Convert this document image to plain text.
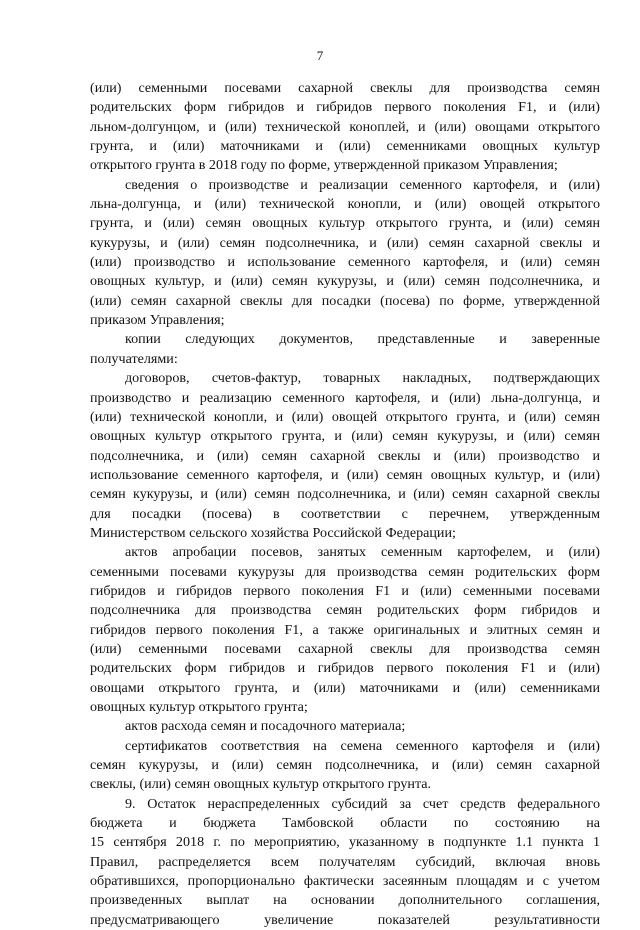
7
(или) семенными посевами сахарной свеклы для производства семян
родительских форм гибридов и гибридов первого поколения F1, и (или)
льном-долгунцом, и (или) технической коноплей, и (или) овощами открытого
грунта, и (или) маточниками и (или) семенниками овощных культур
открытого грунта в 2018 году по форме, утвержденной приказом Управления;
сведения о производстве и реализации семенного картофеля, и (или)
льна-долгунца, и (или) технической конопли, и (или) овощей открытого
грунта, и (или) семян овощных культур открытого грунта, и (или) семян
кукурузы, и (или) семян подсолнечника, и (или) семян сахарной свеклы и
(или) производство и использование семенного картофеля, и (или) семян
овощных культур, и (или) семян кукурузы, и (или) семян подсолнечника, и
(или) семян сахарной свеклы для посадки (посева) по форме, утвержденной
приказом Управления;
копии следующих документов, представленные и заверенные
получателями:
договоров, счетов-фактур, товарных накладных, подтверждающих
производство и реализацию семенного картофеля, и (или) льна-долгунца, и
(или) технической конопли, и (или) овощей открытого грунта, и (или) семян
овощных культур открытого грунта, и (или) семян кукурузы, и (или) семян
подсолнечника, и (или) семян сахарной свеклы и (или) производство и
использование семенного картофеля, и (или) семян овощных культур, и (или)
семян кукурузы, и (или) семян подсолнечника, и (или) семян сахарной свеклы
для посадки (посева) в соответствии с перечнем, утвержденным
Министерством сельского хозяйства Российской Федерации;
актов апробации посевов, занятых семенным картофелем, и (или)
семенными посевами кукурузы для производства семян родительских форм
гибридов и гибридов первого поколения F1 и (или) семенными посевами
подсолнечника для производства семян родительских форм гибридов и
гибридов первого поколения F1, а также оригинальных и элитных семян и
(или) семенными посевами сахарной свеклы для производства семян
родительских форм гибридов и гибридов первого поколения F1 и (или)
овощами открытого грунта, и (или) маточниками и (или) семенниками
овощных культур открытого грунта;
актов расхода семян и посадочного материала;
сертификатов соответствия на семена семенного картофеля и (или)
семян кукурузы, и (или) семян подсолнечника, и (или) семян сахарной
свеклы, (или) семян овощных культур открытого грунта.
9. Остаток нераспределенных субсидий за счет средств федерального
бюджета и бюджета Тамбовской области по состоянию на
15 сентября 2018 г. по мероприятию, указанному в подпункте 1.1 пункта 1
Правил, распределяется всем получателям субсидий, включая вновь
обратившихся, пропорционально фактически засеянным площадям и с учетом
произведенных выплат на основании дополнительного соглашения,
предусматривающего увеличение показателей результативности
